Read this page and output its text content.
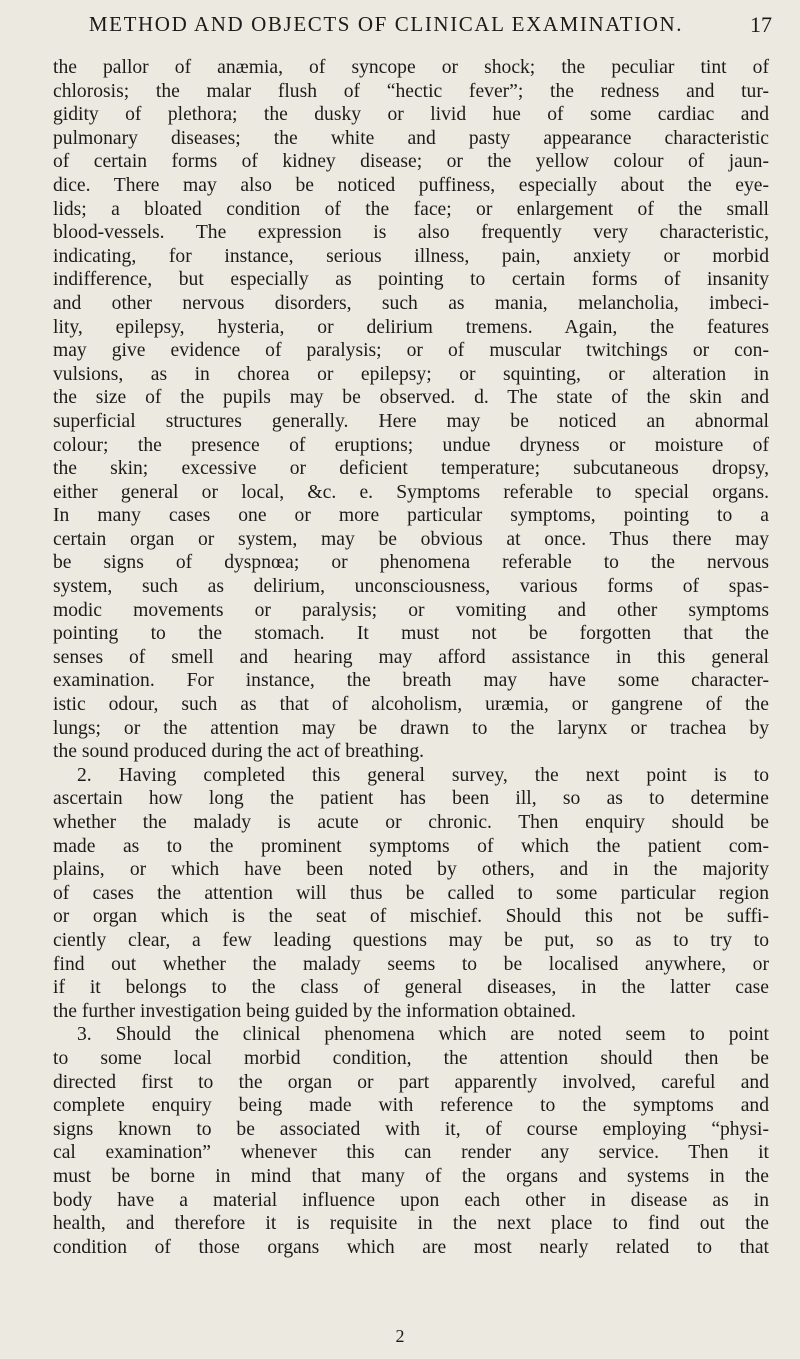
METHOD AND OBJECTS OF CLINICAL EXAMINATION.	17

the pallor of anæmia, of syncope or shock; the peculiar tint of

chlorosis; the malar flush of “hectic fever”; the redness and tur-

gidity of plethora; the dusky or livid hue of some cardiac and

pulmonary diseases; the white and pasty appearance characteristic

of certain forms of kidney disease; or the yellow colour of jaun-

dice. There may also be noticed puffiness, especially about the eye-

lids; a bloated condition of the face; or enlargement of the small

blood-vessels. The expression is also frequently very characteristic,

indicating, for instance, serious illness, pain, anxiety or morbid

indifference, but especially as pointing to certain forms of insanity

and other nervous disorders, such as mania, melancholia, imbeci-

lity, epilepsy, hysteria, or delirium tremens. Again, the features

may give evidence of paralysis; or of muscular twitchings or con-

vulsions, as in chorea or epilepsy; or squinting, or alteration in

the size of the pupils may be observed. d. The state of the skin and

superficial structures generally. Here may be noticed an abnormal

colour; the presence of eruptions; undue dryness or moisture of

the skin; excessive or deficient temperature; subcutaneous dropsy,

either general or local, &c. e. Symptoms referable to special organs.

In many cases one or more particular symptoms, pointing to a

certain organ or system, may be obvious at once. Thus there may

be signs of dyspnœa; or phenomena referable to the nervous

system, such as delirium, unconsciousness, various forms of spas-

modic movements or paralysis; or vomiting and other symptoms

pointing to the stomach. It must not be forgotten that the

senses of smell and hearing may afford assistance in this general

examination. For instance, the breath may have some character-

istic odour, such as that of alcoholism, uræmia, or gangrene of the

lungs; or the attention may be drawn to the larynx or trachea by

the sound produced during the act of breathing.

2. Having completed this general survey, the next point is to

ascertain how long the patient has been ill, so as to determine

whether the malady is acute or chronic. Then enquiry should be

made as to the prominent symptoms of which the patient com-

plains, or which have been noted by others, and in the majority

of cases the attention will thus be called to some particular region

or organ which is the seat of mischief. Should this not be suffi-

ciently clear, a few leading questions may be put, so as to try to

find out whether the malady seems to be localised anywhere, or

if it belongs to the class of general diseases, in the latter case

the further investigation being guided by the information obtained.

3. Should the clinical phenomena which are noted seem to point

to some local morbid condition, the attention should then be

directed first to the organ or part apparently involved, careful and

complete enquiry being made with reference to the symptoms and

signs known to be associated with it, of course employing “physi-

cal examination” whenever this can render any service. Then it

must be borne in mind that many of the organs and systems in the

body have a material influence upon each other in disease as in

health, and therefore it is requisite in the next place to find out the

condition of those organs which are most nearly related to that

2
